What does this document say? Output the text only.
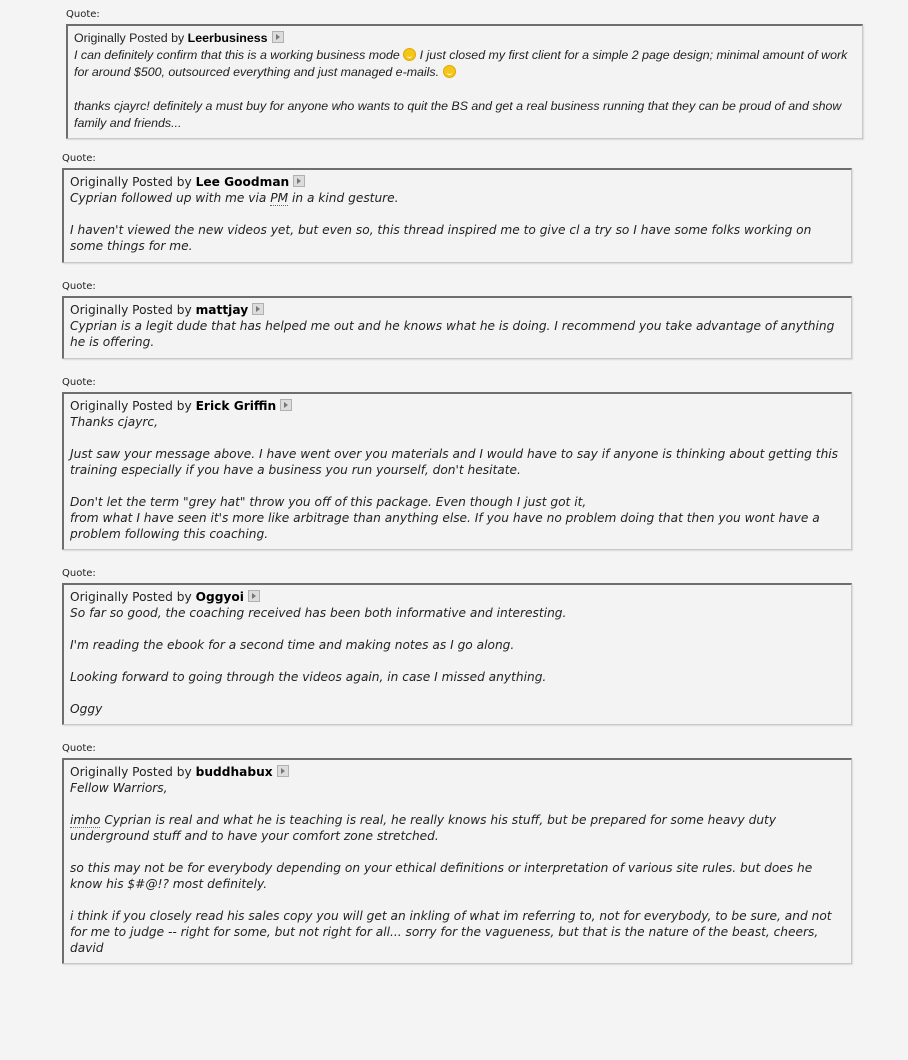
Quote:
Originally Posted by Leerbusiness

I can definitely confirm that this is a working business mode  I just closed my first client for a simple 2 page design; minimal amount of work for around $500, outsourced everything and just managed e-mails.

thanks cjayrc! definitely a must buy for anyone who wants to quit the BS and get a real business running that they can be proud of and show family and friends...

Quote:
Originally Posted by Lee Goodman

Cyprian followed up with me via PM in a kind gesture.

I haven't viewed the new videos yet, but even so, this thread inspired me to give cl a try so I have some folks working on some things for me.

Quote:
Originally Posted by mattjay

Cyprian is a legit dude that has helped me out and he knows what he is doing. I recommend you take advantage of anything he is offering.

Quote:
Originally Posted by Erick Griffin

Thanks cjayrc,

Just saw your message above. I have went over you materials and I would have to say if anyone is thinking about getting this training especially if you have a business you run yourself, don't hesitate.

Don't let the term "grey hat" throw you off of this package. Even though I just got it,

from what I have seen it's more like arbitrage than anything else. If you have no problem doing that then you wont have a problem following this coaching.

Quote:
Originally Posted by Oggyoi

So far so good, the coaching received has been both informative and interesting.

I'm reading the ebook for a second time and making notes as I go along.

Looking forward to going through the videos again, in case I missed anything.

Oggy

Quote:
Originally Posted by buddhabux

Fellow Warriors,

imho Cyprian is real and what he is teaching is real, he really knows his stuff, but be prepared for some heavy duty underground stuff and to have your comfort zone stretched.

so this may not be for everybody depending on your ethical definitions or interpretation of various site rules. but does he know his $#@!? most definitely.

i think if you closely read his sales copy you will get an inkling of what im referring to, not for everybody, to be sure, and not for me to judge -- right for some, but not right for all... sorry for the vagueness, but that is the nature of the beast, cheers, david
